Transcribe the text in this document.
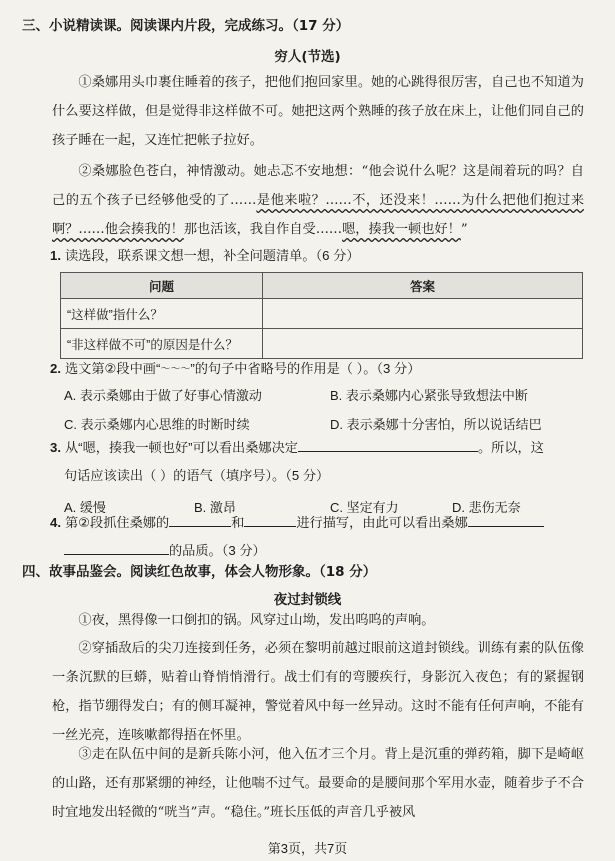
三、小说精读课。阅读课内片段，完成练习。（17 分）
穷人(节选)
①桑娜用头巾裹住睡着的孩子，把他们抱回家里。她的心跳得很厉害，自己也不知道为什么要这样做，但是觉得非这样做不可。她把这两个熟睡的孩子放在床上，让他们同自己的孩子睡在一起，又连忙把帐子拉好。
②桑娜脸色苍白，神情激动。她忐忑不安地想：“他会说什么呢？这是闹着玩的吗？自己的五个孩子已经够他受的了……是他来啦？……不，还没来！……为什么把他们抱过来啊？……他会揍我的！那也活该，我自作自受……嗯，揍我一顿也好！”
1. 读选段，联系课文想一想，补全问题清单。（6 分）
问题	答案
“这样做”指什么？	
“非这样做不可”的原因是什么？	
2. 选文第②段中画“～～～”的句子中省略号的作用是（ ）。（3 分）
A. 表示桑娜由于做了好事心情激动	B. 表示桑娜内心紧张导致想法中断
C. 表示桑娜内心思维的时断时续	D. 表示桑娜十分害怕，所以说话结巴
3. 从“嗯，揍我一顿也好”可以看出桑娜决定	。所以，这
句话应该读出（ ）的语气（填序号）。（5 分）
A. 缓慢	B. 激昂	C. 坚定有力	D. 悲伤无奈
4. 第②段抓住桑娜的	和	进行描写，由此可以看出桑娜
的品质。（3 分）
四、故事品鉴会。阅读红色故事，体会人物形象。（18 分）
夜过封锁线
①夜，黑得像一口倒扣的锅。风穿过山坳，发出呜呜的声响。
②穿插敌后的尖刀连接到任务，必须在黎明前越过眼前这道封锁线。训练有素的队伍像一条沉默的巨蟒，贴着山脊悄悄滑行。战士们有的弯腰疾行，身影沉入夜色；有的紧握钢枪，指节绷得发白；有的侧耳凝神，警觉着风中每一丝异动。这时不能有任何声响，不能有一丝光亮，连咳嗽都得捂在怀里。
③走在队伍中间的是新兵陈小河，他入伍才三个月。背上是沉重的弹药箱，脚下是崎岖的山路，还有那紧绷的神经，让他喘不过气。最要命的是腰间那个军用水壶，随着步子不合时宜地发出轻微的“咣当”声。“稳住。”班长压低的声音几乎被风
第3页，共7页
